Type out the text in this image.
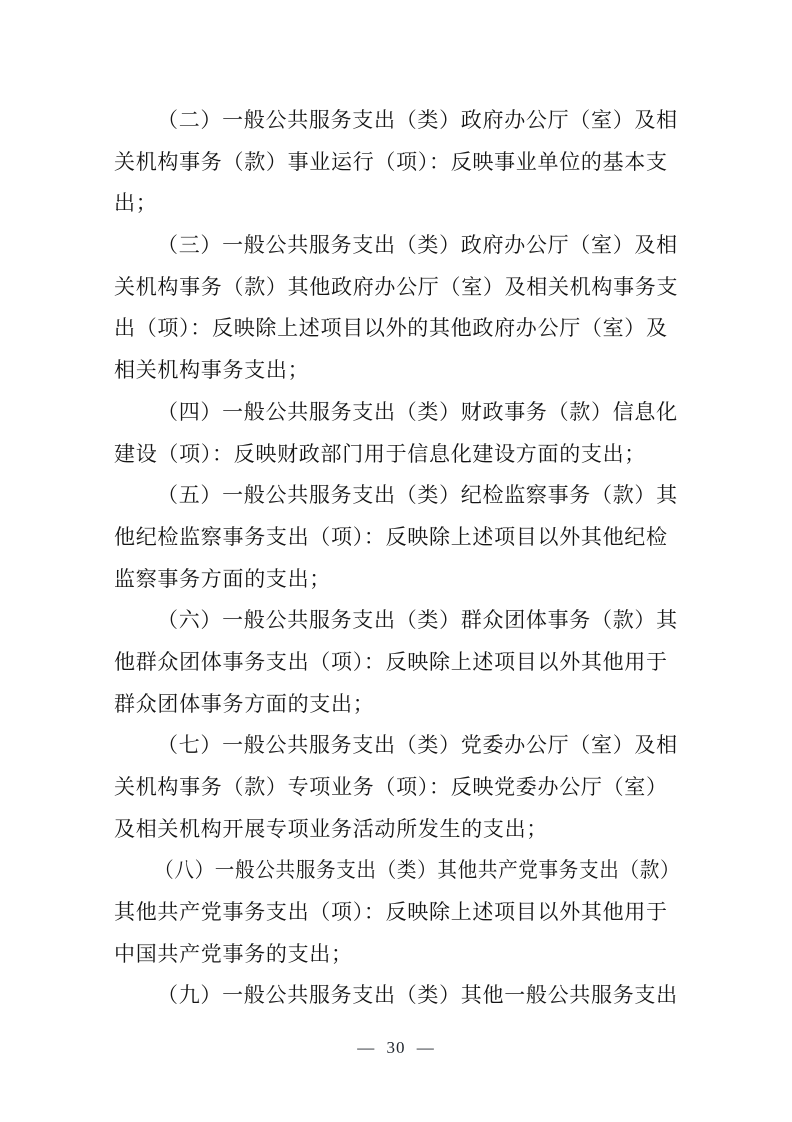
（二）一般公共服务支出（类）政府办公厅（室）及相
关机构事务（款）事业运行（项）：反映事业单位的基本支
出；
（三）一般公共服务支出（类）政府办公厅（室）及相
关机构事务（款）其他政府办公厅（室）及相关机构事务支
出（项）：反映除上述项目以外的其他政府办公厅（室）及
相关机构事务支出；
（四）一般公共服务支出（类）财政事务（款）信息化
建设（项）：反映财政部门用于信息化建设方面的支出；
（五）一般公共服务支出（类）纪检监察事务（款）其
他纪检监察事务支出（项）：反映除上述项目以外其他纪检
监察事务方面的支出；
（六）一般公共服务支出（类）群众团体事务（款）其
他群众团体事务支出（项）：反映除上述项目以外其他用于
群众团体事务方面的支出；
（七）一般公共服务支出（类）党委办公厅（室）及相
关机构事务（款）专项业务（项）：反映党委办公厅（室）
及相关机构开展专项业务活动所发生的支出；
（八）一般公共服务支出（类）其他共产党事务支出（款）
其他共产党事务支出（项）：反映除上述项目以外其他用于
中国共产党事务的支出；
（九）一般公共服务支出（类）其他一般公共服务支出
— 30 —
